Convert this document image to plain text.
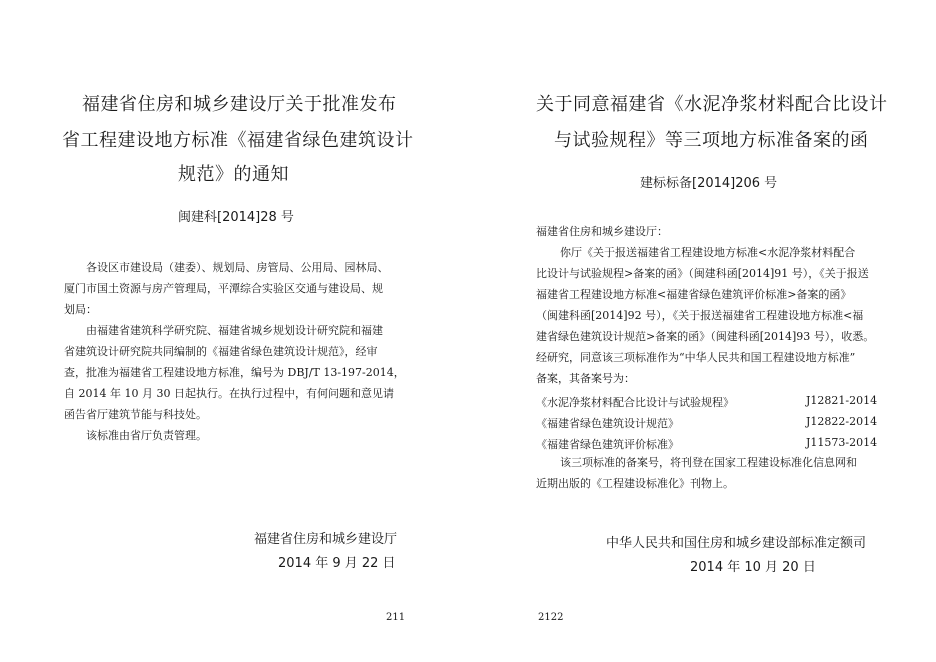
福建省住房和城乡建设厅关于批准发布
省工程建设地方标准《福建省绿色建筑设计
规范》的通知
闽建科[2014]28 号
各设区市建设局（建委）、规划局、房管局、公用局、园林局、
厦门市国土资源与房产管理局，平潭综合实验区交通与建设局、规
划局：
由福建省建筑科学研究院、福建省城乡规划设计研究院和福建
省建筑设计研究院共同编制的《福建省绿色建筑设计规范》，经审
查，批准为福建省工程建设地方标准，编号为 DBJ/T 13-197-2014，
自 2014 年 10 月 30 日起执行。在执行过程中，有何问题和意见请
函告省厅建筑节能与科技处。
该标准由省厅负责管理。
福建省住房和城乡建设厅
2014 年 9 月 22 日
211
关于同意福建省《水泥净浆材料配合比设计
与试验规程》等三项地方标准备案的函
建标标备[2014]206 号
福建省住房和城乡建设厅：
你厅《关于报送福建省工程建设地方标准<水泥净浆材料配合
比设计与试验规程>备案的函》（闽建科函[2014]91 号），《关于报送
福建省工程建设地方标准<福建省绿色建筑评价标准>备案的函》
（闽建科函[2014]92 号），《关于报送福建省工程建设地方标准<福
建省绿色建筑设计规范>备案的函》（闽建科函[2014]93 号），收悉。
经研究，同意该三项标准作为“中华人民共和国工程建设地方标准”
备案，其备案号为：
《水泥净浆材料配合比设计与试验规程》	J12821-2014
《福建省绿色建筑设计规范》	J12822-2014
《福建省绿色建筑评价标准》	J11573-2014
该三项标准的备案号，将刊登在国家工程建设标准化信息网和
近期出版的《工程建设标准化》刊物上。
中华人民共和国住房和城乡建设部标准定额司
2014 年 10 月 20 日
2122
